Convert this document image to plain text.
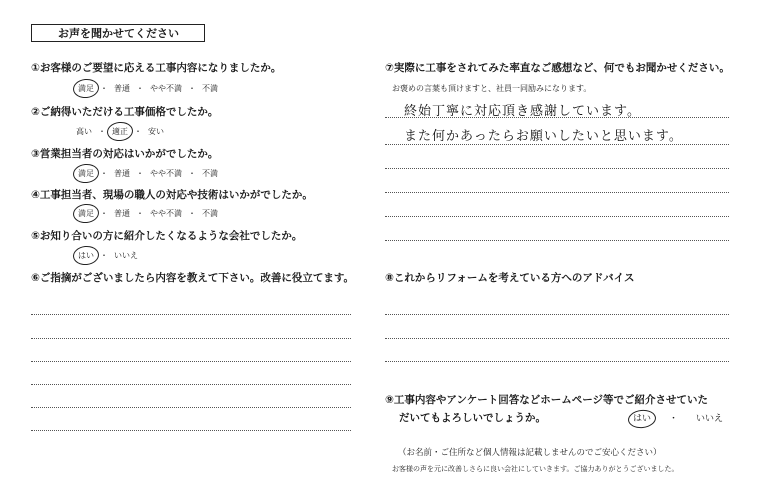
お声を聞かせてください
①お客様のご要望に応える工事内容になりましたか。
満足 ・ 普通 ・ やや不満 ・ 不満
②ご納得いただける工事価格でしたか。
高い ・ 適正 ・ 安い
③営業担当者の対応はいかがでしたか。
満足 ・ 普通 ・ やや不満 ・ 不満
④工事担当者、現場の職人の対応や技術はいかがでしたか。
満足 ・ 普通 ・ やや不満 ・ 不満
⑤お知り合いの方に紹介したくなるような会社でしたか。
はい ・ いいえ
⑥ご指摘がございましたら内容を教えて下さい。改善に役立てます。
⑦実際に工事をされてみた率直なご感想など、何でもお聞かせください。
お褒めの言葉も頂けますと、社員一同励みになります。
終始丁寧に対応頂き感謝しています。
また何かあったらお願いしたいと思います。
⑧これからリフォームを考えている方へのアドバイス
⑨工事内容やアンケート回答などホームページ等でご紹介させていた
だいてもよろしいでしょうか。	はい ・ いいえ
（お名前・ご住所など個人情報は記載しませんのでご安心ください）
お客様の声を元に改善しさらに良い会社にしていきます。ご協力ありがとうございました。
